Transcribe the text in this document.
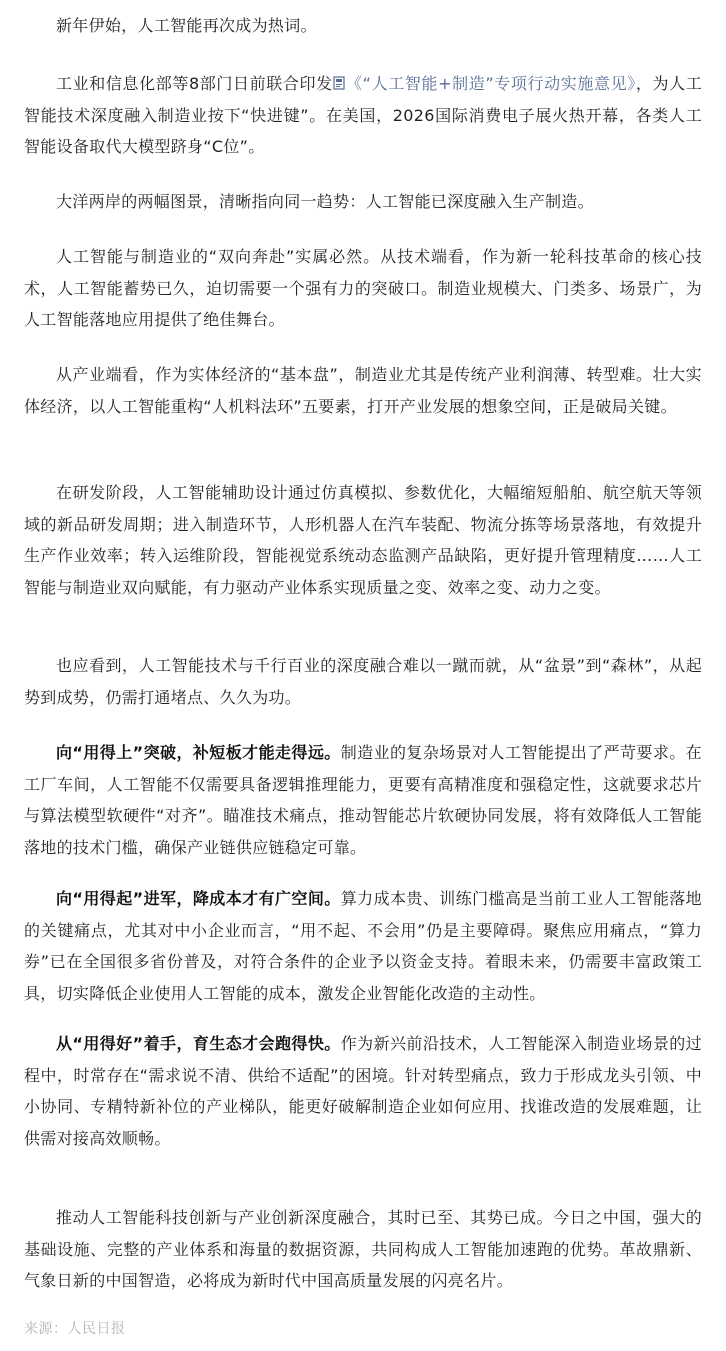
新年伊始，人工智能再次成为热词。

工业和信息化部等8部门日前联合印发 《“人工智能+制造”专项行动实施意见》，为人工智能技术深度融入制造业按下“快进键”。在美国，2026国际消费电子展火热开幕，各类人工智能设备取代大模型跻身“C位”。

大洋两岸的两幅图景，清晰指向同一趋势：人工智能已深度融入生产制造。

人工智能与制造业的“双向奔赴”实属必然。从技术端看，作为新一轮科技革命的核心技术，人工智能蓄势已久，迫切需要一个强有力的突破口。制造业规模大、门类多、场景广，为人工智能落地应用提供了绝佳舞台。

从产业端看，作为实体经济的“基本盘”，制造业尤其是传统产业利润薄、转型难。壮大实体经济，以人工智能重构“人机料法环”五要素，打开产业发展的想象空间，正是破局关键。

在研发阶段，人工智能辅助设计通过仿真模拟、参数优化，大幅缩短船舶、航空航天等领域的新品研发周期；进入制造环节，人形机器人在汽车装配、物流分拣等场景落地，有效提升生产作业效率；转入运维阶段，智能视觉系统动态监测产品缺陷，更好提升管理精度……人工智能与制造业双向赋能，有力驱动产业体系实现质量之变、效率之变、动力之变。

也应看到，人工智能技术与千行百业的深度融合难以一蹴而就，从“盆景”到“森林”，从起势到成势，仍需打通堵点、久久为功。

向“用得上”突破，补短板才能走得远。制造业的复杂场景对人工智能提出了严苛要求。在工厂车间，人工智能不仅需要具备逻辑推理能力，更要有高精准度和强稳定性，这就要求芯片与算法模型软硬件“对齐”。瞄准技术痛点，推动智能芯片软硬协同发展，将有效降低人工智能落地的技术门槛，确保产业链供应链稳定可靠。

向“用得起”进军，降成本才有广空间。算力成本贵、训练门槛高是当前工业人工智能落地的关键痛点，尤其对中小企业而言，“用不起、不会用”仍是主要障碍。聚焦应用痛点，“算力券”已在全国很多省份普及，对符合条件的企业予以资金支持。着眼未来，仍需要丰富政策工具，切实降低企业使用人工智能的成本，激发企业智能化改造的主动性。

从“用得好”着手，育生态才会跑得快。作为新兴前沿技术，人工智能深入制造业场景的过程中，时常存在“需求说不清、供给不适配”的困境。针对转型痛点，致力于形成龙头引领、中小协同、专精特新补位的产业梯队，能更好破解制造企业如何应用、找谁改造的发展难题，让供需对接高效顺畅。

推动人工智能科技创新与产业创新深度融合，其时已至、其势已成。今日之中国，强大的基础设施、完整的产业体系和海量的数据资源，共同构成人工智能加速跑的优势。革故鼎新、气象日新的中国智造，必将成为新时代中国高质量发展的闪亮名片。

来源：人民日报
